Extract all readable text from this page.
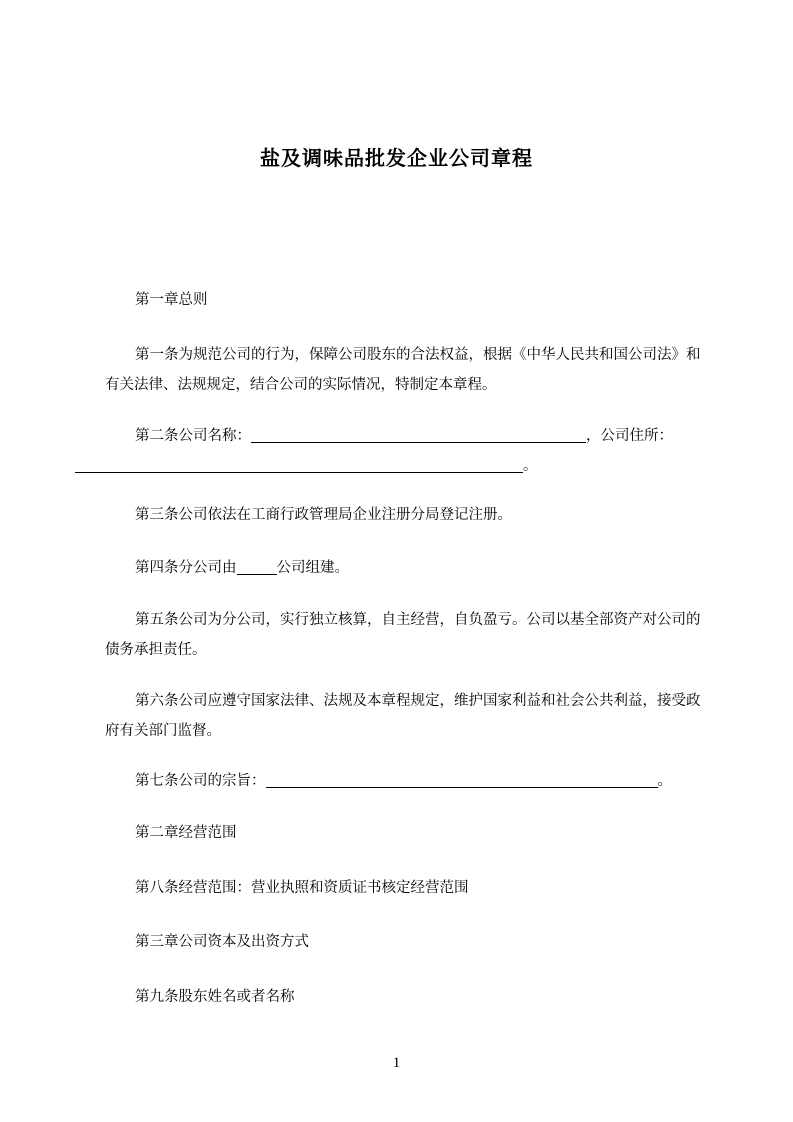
盐及调味品批发企业公司章程

第一章总则

第一条为规范公司的行为，保障公司股东的合法权益，根据《中华人民共和国公司法》和有关法律、法规规定，结合公司的实际情况，特制定本章程。

第二条公司名称：	，公司住所：
。

第三条公司依法在工商行政管理局企业注册分局登记注册。

第四条分公司由	公司组建。

第五条公司为分公司，实行独立核算，自主经营，自负盈亏。公司以基全部资产对公司的债务承担责任。

第六条公司应遵守国家法律、法规及本章程规定，维护国家利益和社会公共利益，接受政府有关部门监督。

第七条公司的宗旨：	。

第二章经营范围

第八条经营范围：营业执照和资质证书核定经营范围

第三章公司资本及出资方式

第九条股东姓名或者名称

1
